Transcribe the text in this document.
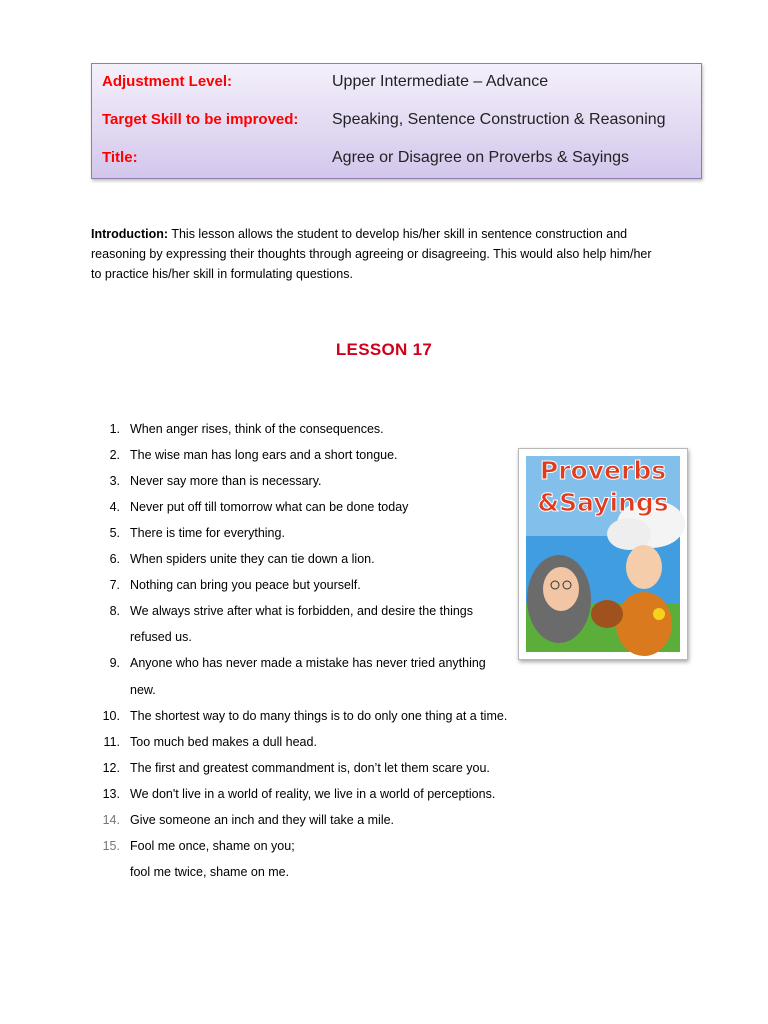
Adjustment Level:	Upper Intermediate – Advance
Target Skill to be improved: Speaking, Sentence Construction & Reasoning
Title:	Agree or Disagree on Proverbs & Sayings
Introduction: This lesson allows the student to develop his/her skill in sentence construction and
reasoning by expressing their thoughts through agreeing or disagreeing. This would also help him/her
to practice his/her skill in formulating questions.
LESSON 17
1. When anger rises, think of the consequences.
2. The wise man has long ears and a short tongue.
3. Never say more than is necessary.
4. Never put off till tomorrow what can be done today
5. There is time for everything.
6. When spiders unite they can tie down a lion.
7. Nothing can bring you peace but yourself.
8. We always strive after what is forbidden, and desire the things
9. Anyone who has never made a mistake has never tried anything
10. The shortest way to do many things is to do only one thing at a time.
11. Too much bed makes a dull head.
12. The first and greatest commandment is, don’t let them scare you.
13. We don't live in a world of reality, we live in a world of perceptions.
14. Give someone an inch and they will take a mile.
15. Fool me once, shame on you;
refused us.
new.
fool me twice, shame on me.
Proverbs
&Sayings
